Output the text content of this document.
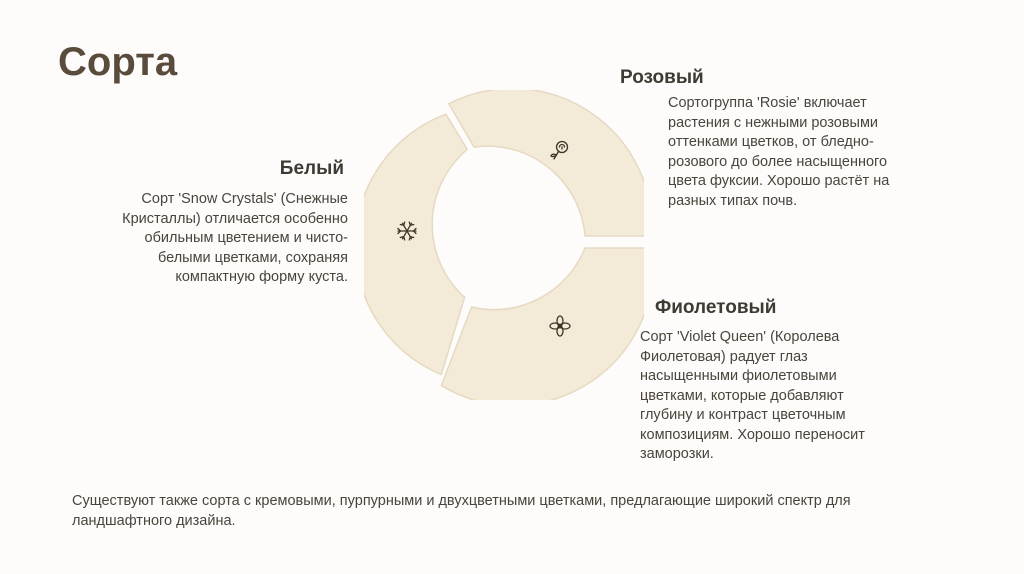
Сорта
Белый

Сорт 'Snow Crystals' (Снежные Кристаллы) отличается особенно обильным цветением и чисто-белыми цветками, сохраняя компактную форму куста.

Розовый

Сортогруппа 'Rosie' включает растения с нежными розовыми оттенками цветков, от бледно-розового до более насыщенного цвета фуксии. Хорошо растёт на разных типах почв.

Фиолетовый

Сорт 'Violet Queen' (Королева Фиолетовая) радует глаз насыщенными фиолетовыми цветками, которые добавляют глубину и контраст цветочным композициям. Хорошо переносит заморозки.

Существуют также сорта с кремовыми, пурпурными и двухцветными цветками, предлагающие широкий спектр для ландшафтного дизайна.
